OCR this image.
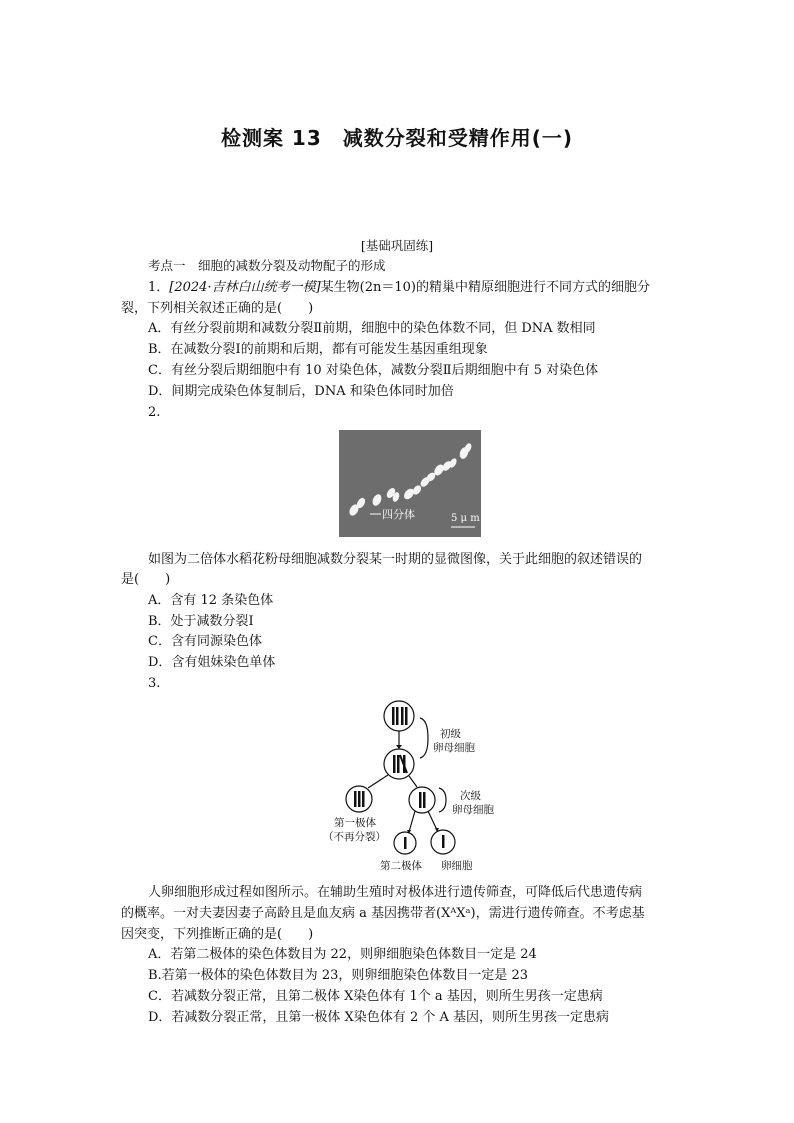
检测案 13　减数分裂和受精作用(一)
[基础巩固练]
考点一　细胞的减数分裂及动物配子的形成
1．[2024·吉林白山统考一模]某生物(2n＝10)的精巢中精原细胞进行不同方式的细胞分
裂，下列相关叙述正确的是(　　)
A．有丝分裂前期和减数分裂Ⅱ前期，细胞中的染色体数不同，但 DNA 数相同
B．在减数分裂Ⅰ的前期和后期，都有可能发生基因重组现象
C．有丝分裂后期细胞中有 10 对染色体，减数分裂Ⅱ后期细胞中有 5 对染色体
D．间期完成染色体复制后，DNA 和染色体同时加倍
2.
四分体	5 μ m
如图为二倍体水稻花粉母细胞减数分裂某一时期的显微图像，关于此细胞的叙述错误的
是(　　)
A．含有 12 条染色体
B．处于减数分裂Ⅰ
C．含有同源染色体
D．含有姐妹染色单体
3.
初级
卵母细胞
次级
卵母细胞
第一极体
（不再分裂）
第二极体 卵细胞
人卵细胞形成过程如图所示。在辅助生殖时对极体进行遗传筛查，可降低后代患遗传病
的概率。一对夫妻因妻子高龄且是血友病 a 基因携带者(XᴬXᵃ)，需进行遗传筛查。不考虑基
因突变，下列推断正确的是(　　)
A．若第二极体的染色体数目为 22，则卵细胞染色体数目一定是 24
B.若第一极体的染色体数目为 23，则卵细胞染色体数目一定是 23
C．若减数分裂正常，且第二极体 X染色体有 1个 a 基因，则所生男孩一定患病
D．若减数分裂正常，且第一极体 X染色体有 2 个 A 基因，则所生男孩一定患病
